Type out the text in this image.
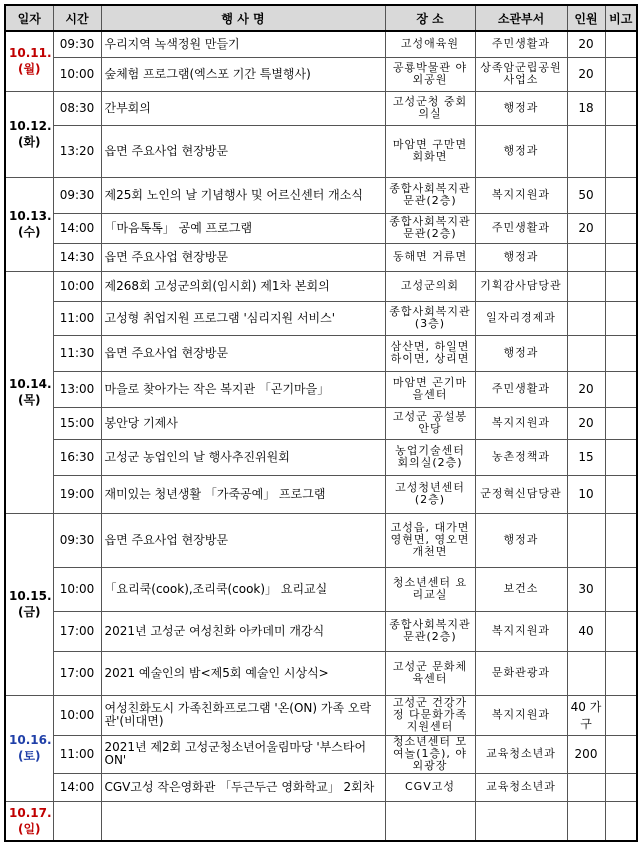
일자	시간	행 사 명	장 소	소관부서	인원	비고

10.11.
(월)	09:30	우리지역 녹색정원 만들기	고성애육원	주민생활과	20	
	10:00	숲체험 프로그램(엑스포 기간 특별행사)	공룡박물관 야외공원	상족암군립공원 사업소	20	

10.12.
(화)	08:30	간부회의	고성군청 중회의실	행정과	18	
	13:20	읍면 주요사업 현장방문	마암면 구만면 회화면	행정과		

10.13.
(수)	09:30	제25회 노인의 날 기념행사 및 어르신센터 개소식	종합사회복지관 문관(2층)	복지지원과	50	
	14:00	「마음톡톡」 공예 프로그램	종합사회복지관 문관(2층)	주민생활과	20	
	14:30	읍면 주요사업 현장방문	동해면 거류면	행정과		

10.14.
(목)	10:00	제268회 고성군의회(임시회) 제1차 본회의	고성군의회	기획감사담당관		
	11:00	고성형 취업지원 프로그램 '심리지원 서비스'	종합사회복지관 (3층)	일자리경제과		
	11:30	읍면 주요사업 현장방문	삼산면, 하일면 하이면, 상리면	행정과		
	13:00	마을로 찾아가는 작은 복지관 「곤기마을」	마암면 곤기마을센터	주민생활과	20	
	15:00	봉안당 기제사	고성군 공설봉안당	복지지원과	20	
	16:30	고성군 농업인의 날 행사추진위원회	농업기술센터 회의실(2층)	농촌정책과	15	
	19:00	재미있는 청년생활 「가죽공예」 프로그램	고성청년센터 (2층)	군정혁신담당관	10	

10.15.
(금)	09:30	읍면 주요사업 현장방문	고성읍, 대가면 영현면, 영오면 개천면	행정과		
	10:00	「요리쿡(cook),조리쿡(cook)」 요리교실	청소년센터 요리교실	보건소	30	
	17:00	2021년 고성군 여성친화 아카데미 개강식	종합사회복지관 문관(2층)	복지지원과	40	
	17:00	2021 예술인의 밤<제5회 예술인 시상식>	고성군 문화체육센터	문화관광과		

10.16.
(토)	10:00	여성친화도시 가족친화프로그램 '온(ON) 가족 오락관'(비대면)	고성군 건강가정 다문화가족 지원센터	복지지원과	40 가구	
	11:00	2021년 제2회 고성군청소년어울림마당 '부스타어ON'	청소년센터 모여놀(1층), 야외광장	교육청소년과	200	
	14:00	CGV고성 작은영화관 「두근두근 영화학교」 2회차	CGV고성	교육청소년과		

10.17.
(일)						
